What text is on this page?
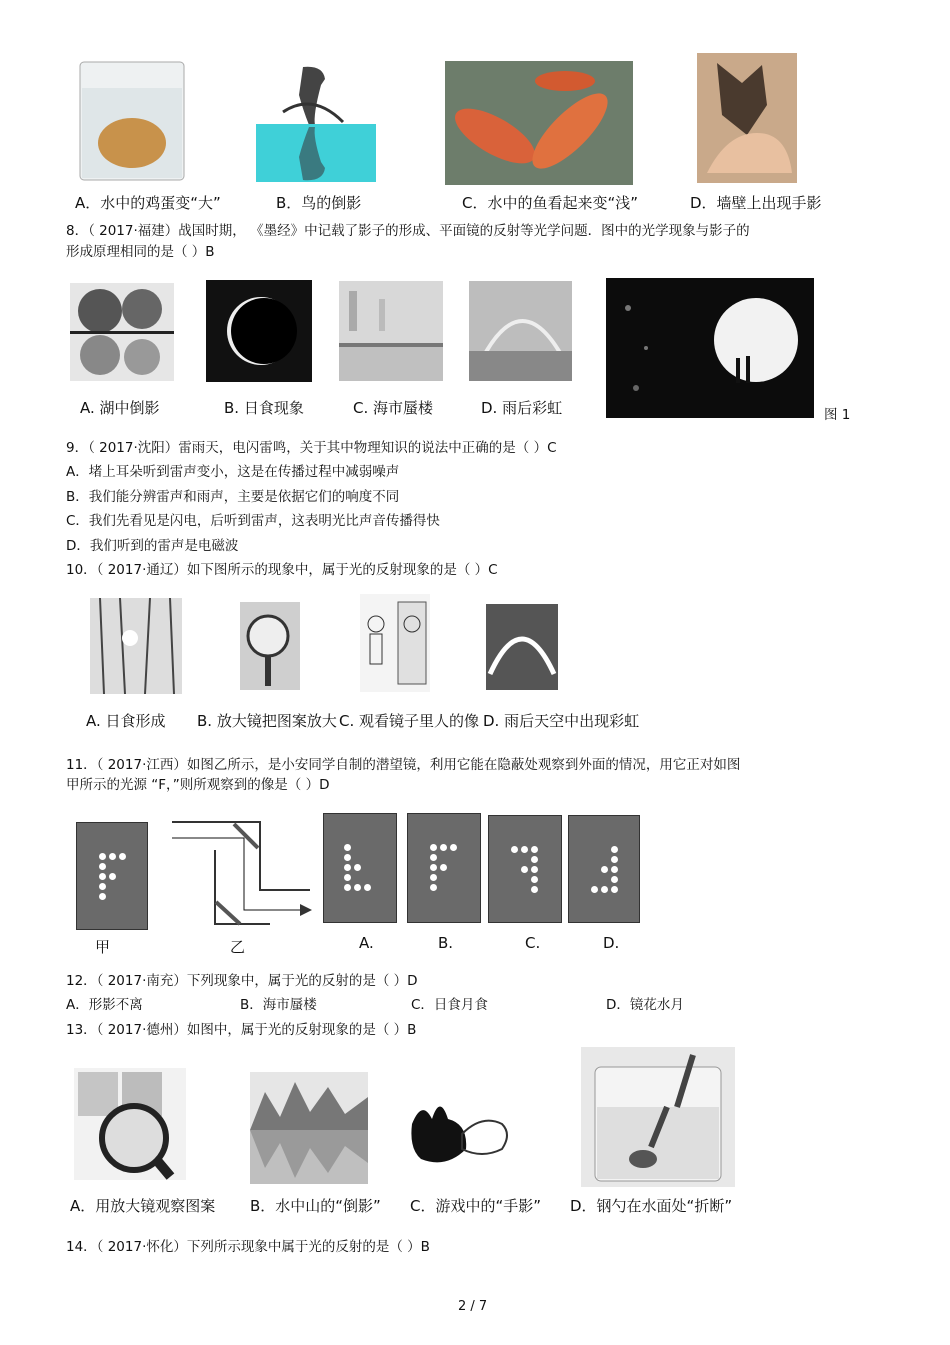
A．水中的鸡蛋变“大”	B．鸟的倒影	C．水中的鱼看起来变“浅”	D．墙壁上出现手影
8．（ 2017·福建）战国时期， 《墨经》中记载了影子的形成、平面镜的反射等光学问题．图中的光学现象与影子的
形成原理相同的是（ ）B
A. 湖中倒影	B. 日食现象	C. 海市蜃楼	D. 雨后彩虹	图 1
9．（ 2017·沈阳）雷雨天，电闪雷鸣，关于其中物理知识的说法中正确的是（ ）C
A．堵上耳朵听到雷声变小，这是在传播过程中减弱噪声
B．我们能分辨雷声和雨声，主要是依据它们的响度不同
C．我们先看见是闪电，后听到雷声，这表明光比声音传播得快
D．我们听到的雷声是电磁波
10．（ 2017·通辽）如下图所示的现象中，属于光的反射现象的是（ ）C
A. 日食形成 B. 放大镜把图案放大 C. 观看镜子里人的像 D. 雨后天空中出现彩虹
11．（ 2017·江西）如图乙所示，是小安同学自制的潜望镜，利用它能在隐蔽处观察到外面的情况，用它正对如图
甲所示的光源 “F，”则所观察到的像是（ ）D
甲	乙	A.	B.	C.	D.
12．（ 2017·南充）下列现象中，属于光的反射的是（ ）D
A．形影不离	B．海市蜃楼	C．日食月食	D．镜花水月
13．（ 2017·德州）如图中，属于光的反射现象的是（ ）B
A．用放大镜观察图案 B．水中山的“倒影” C．游戏中的“手影” D．钢勺在水面处“折断”
14．（ 2017·怀化）下列所示现象中属于光的反射的是（ ）B
2 / 7
